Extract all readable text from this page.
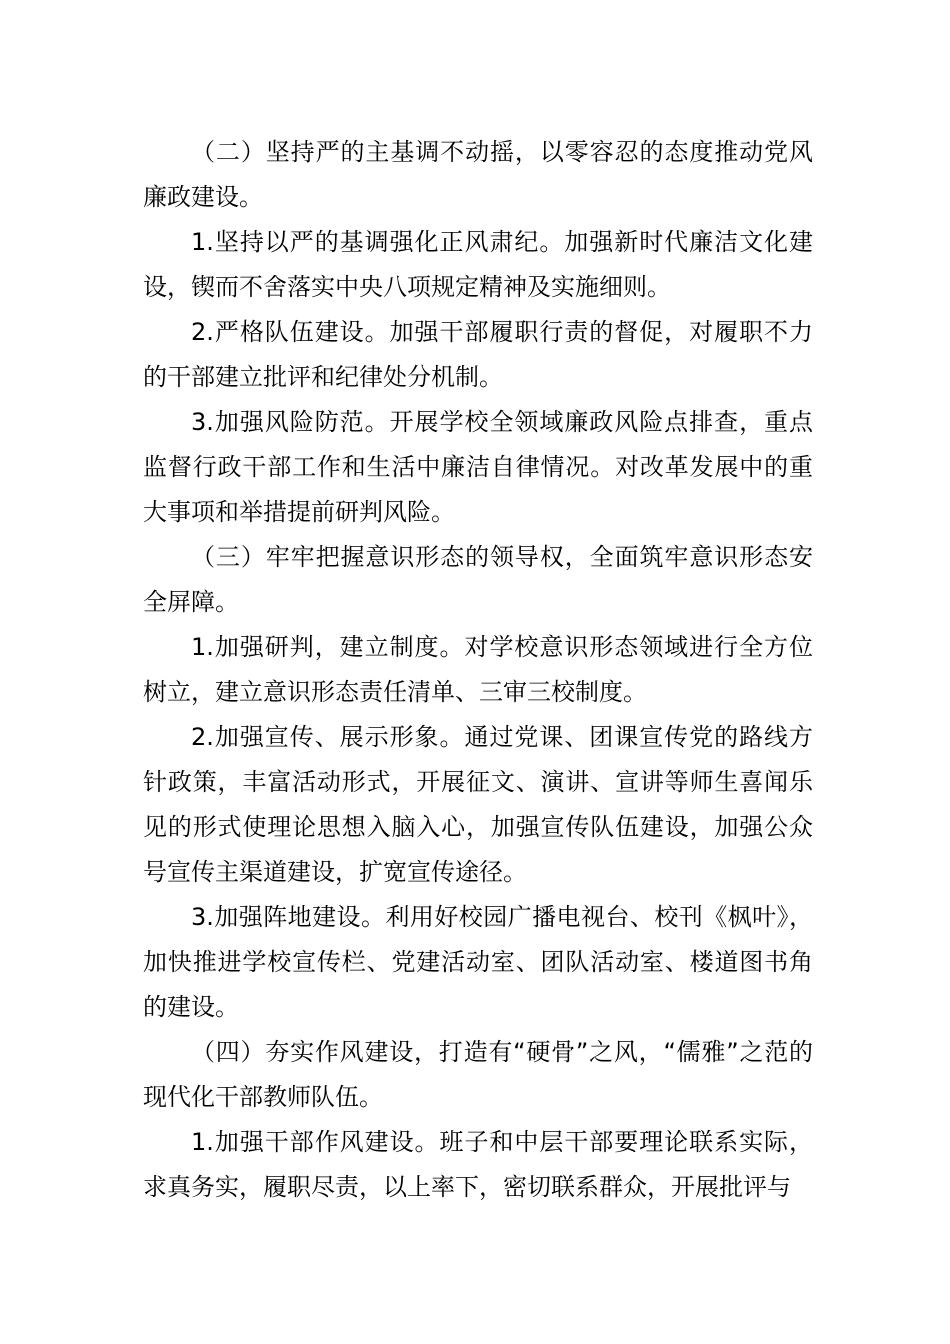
（二）坚持严的主基调不动摇，以零容忍的态度推动党风廉政建设。

1.坚持以严的基调强化正风肃纪。加强新时代廉洁文化建设，锲而不舍落实中央八项规定精神及实施细则。

2.严格队伍建设。加强干部履职行责的督促，对履职不力的干部建立批评和纪律处分机制。

3.加强风险防范。开展学校全领域廉政风险点排查，重点监督行政干部工作和生活中廉洁自律情况。对改革发展中的重大事项和举措提前研判风险。

（三）牢牢把握意识形态的领导权，全面筑牢意识形态安全屏障。

1.加强研判，建立制度。对学校意识形态领域进行全方位树立，建立意识形态责任清单、三审三校制度。

2.加强宣传、展示形象。通过党课、团课宣传党的路线方针政策，丰富活动形式，开展征文、演讲、宣讲等师生喜闻乐见的形式使理论思想入脑入心，加强宣传队伍建设，加强公众号宣传主渠道建设，扩宽宣传途径。

3.加强阵地建设。利用好校园广播电视台、校刊《枫叶》，加快推进学校宣传栏、党建活动室、团队活动室、楼道图书角的建设。

（四）夯实作风建设，打造有“硬骨”之风，“儒雅”之范的现代化干部教师队伍。

1.加强干部作风建设。班子和中层干部要理论联系实际，求真务实，履职尽责，以上率下，密切联系群众，开展批评与
